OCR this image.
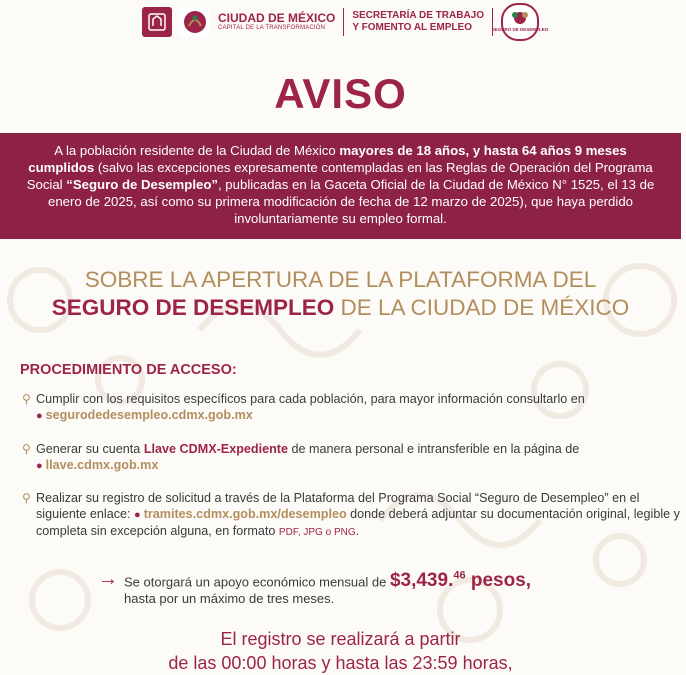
CIUDAD DE MÉXICO
CAPITAL DE LA TRANSFORMACIÓN
SECRETARÍA DE TRABAJO
Y FOMENTO AL EMPLEO	SEGURO DE DESEMPLEO
AVISO
A la población residente de la Ciudad de México mayores de 18 años, y hasta 64 años 9 meses cumplidos (salvo las excepciones expresamente contempladas en las Reglas de Operación del Programa Social “Seguro de Desempleo”, publicadas en la Gaceta Oficial de la Ciudad de México N° 1525, el 13 de enero de 2025, así como su primera modificación de fecha de 12 marzo de 2025), que haya perdido involuntariamente su empleo formal.
SOBRE LA APERTURA DE LA PLATAFORMA DEL
SEGURO DE DESEMPLEO DE LA CIUDAD DE MÉXICO
PROCEDIMIENTO DE ACCESO:
⚲ Cumplir con los requisitos específicos para cada población, para mayor información consultarlo en
● segurodedesempleo.cdmx.gob.mx
⚲ Generar su cuenta Llave CDMX-Expediente de manera personal e intransferible en la página de
● llave.cdmx.gob.mx
⚲ Realizar su registro de solicitud a través de la Plataforma del Programa Social “Seguro de Desempleo” en el siguiente enlace: ● tramites.cdmx.gob.mx/desempleo donde deberá adjuntar su documentación original, legible y completa sin excepción alguna, en formato PDF, JPG o PNG.
→ Se otorgará un apoyo económico mensual de $3,439.46 pesos,
hasta por un máximo de tres meses.
El registro se realizará a partir
de las 00:00 horas y hasta las 23:59 horas,
